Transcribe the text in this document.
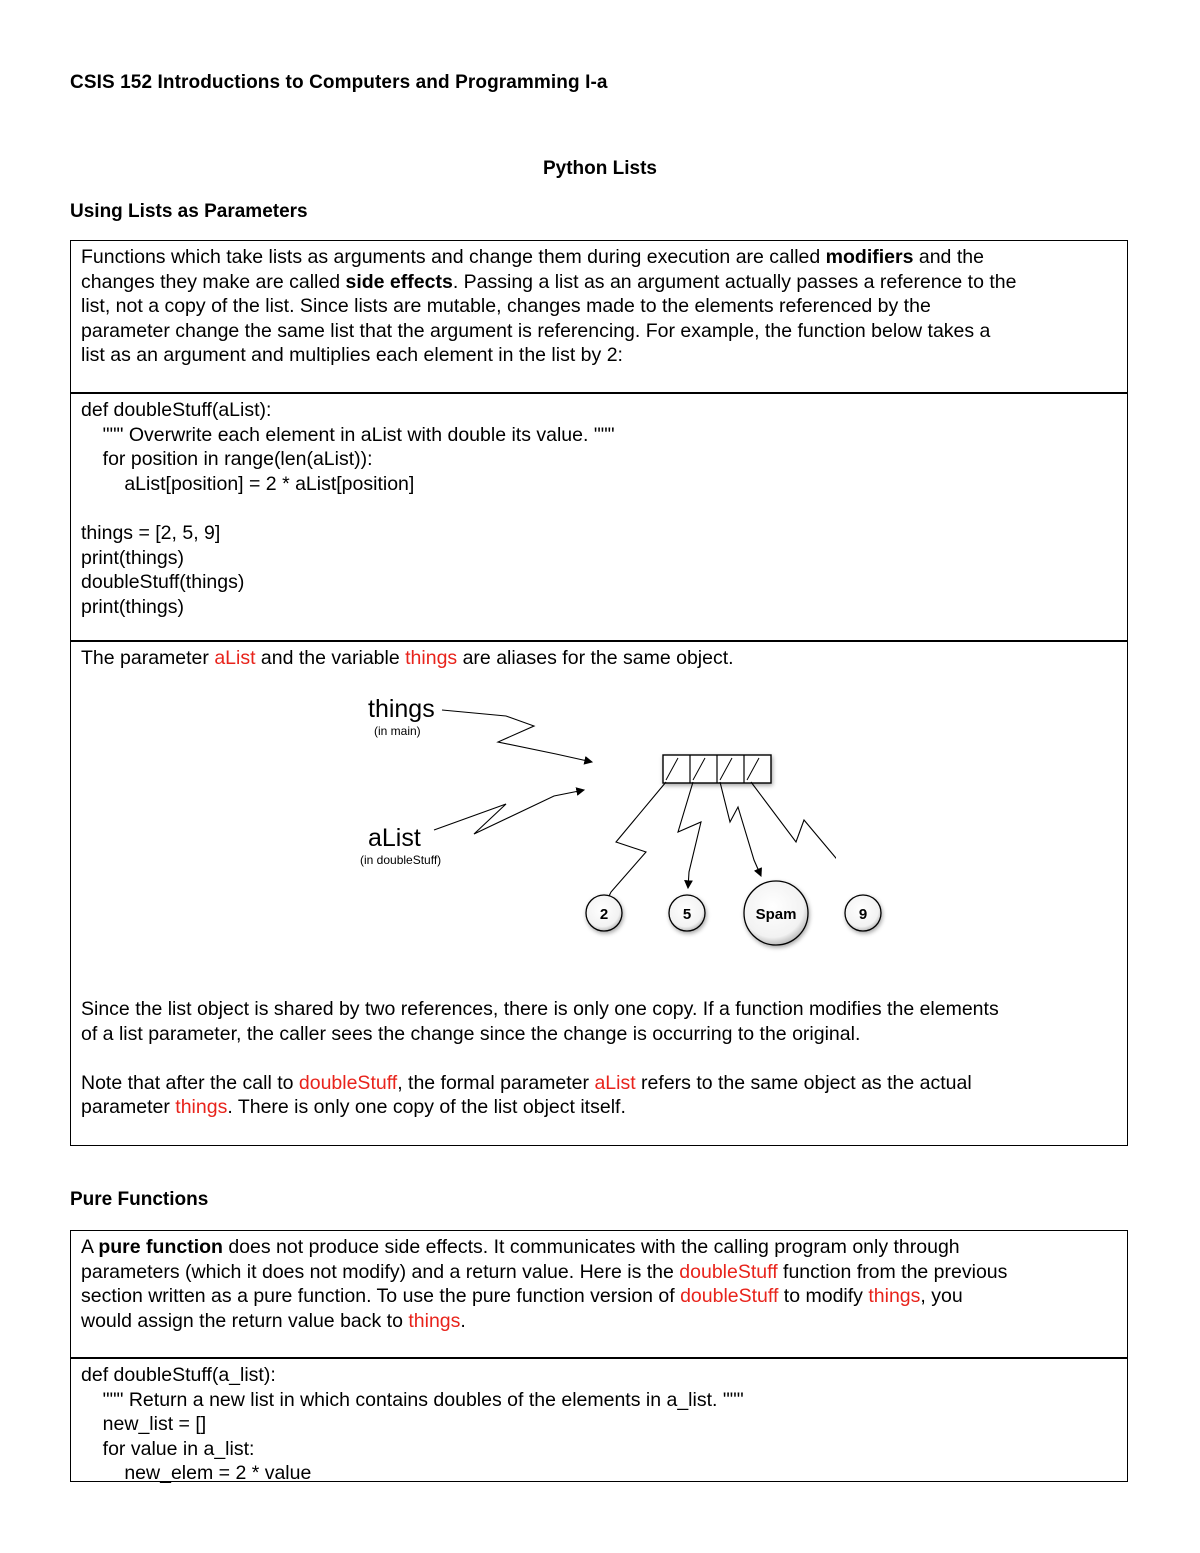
CSIS 152 Introductions to Computers and Programming I-a
Python Lists
Using Lists as Parameters
Functions which take lists as arguments and change them during execution are called modifiers and the
changes they make are called side effects. Passing a list as an argument actually passes a reference to the
list, not a copy of the list. Since lists are mutable, changes made to the elements referenced by the
parameter change the same list that the argument is referencing. For example, the function below takes a
list as an argument and multiplies each element in the list by 2:
def doubleStuff(aList):
""" Overwrite each element in aList with double its value. """
for position in range(len(aList)):
aList[position] = 2 * aList[position]
things = [2, 5, 9]
print(things)
doubleStuff(things)
print(things)
The parameter aList and the variable things are aliases for the same object.
things
(in main)
aList
(in doubleStuff)
2	5	Spam	9
Since the list object is shared by two references, there is only one copy. If a function modifies the elements
of a list parameter, the caller sees the change since the change is occurring to the original.
Note that after the call to doubleStuff, the formal parameter aList refers to the same object as the actual
parameter things. There is only one copy of the list object itself.
Pure Functions
A pure function does not produce side effects. It communicates with the calling program only through
parameters (which it does not modify) and a return value. Here is the doubleStuff function from the previous
section written as a pure function. To use the pure function version of doubleStuff to modify things, you
would assign the return value back to things.
def doubleStuff(a_list):
""" Return a new list in which contains doubles of the elements in a_list. """
new_list = []
for value in a_list:
new_elem = 2 * value
